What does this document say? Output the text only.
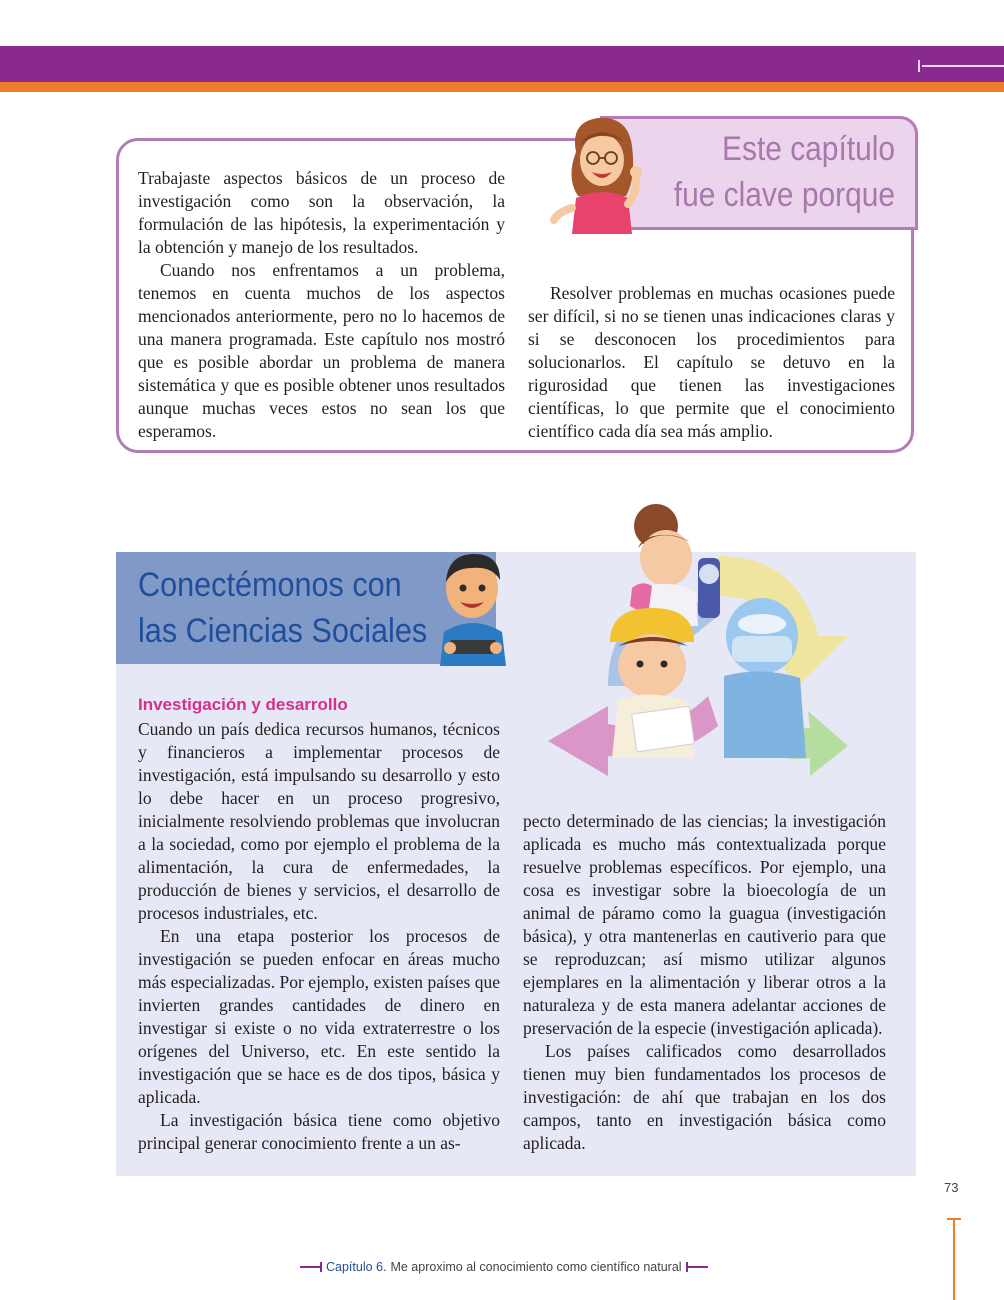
Este capítulo
fue clave porque

Trabajaste aspectos básicos de un proceso de investigación como son la observación, la formulación de las hipótesis, la experimentación y la obtención y manejo de los resultados.

Cuando nos enfrentamos a un problema, tenemos en cuenta muchos de los aspectos mencionados anteriormente, pero no lo hacemos de una manera programada. Este capítulo nos mostró que es posible abordar un problema de manera sistemática y que es posible obtener unos resultados aunque muchas veces estos no sean los que esperamos.

Resolver problemas en muchas ocasiones puede ser difícil, si no se tienen unas indicaciones claras y si se desconocen los procedimientos para solucionarlos. El capítulo se detuvo en la rigurosidad que tienen las investigaciones científicas, lo que permite que el conocimiento científico cada día sea más amplio.

Conectémonos con
las Ciencias Sociales
Investigación y desarrollo

Cuando un país dedica recursos humanos, técnicos y financieros a implementar procesos de investigación, está impulsando su desarrollo y esto lo debe hacer en un proceso progresivo, inicialmente resolviendo problemas que involucran a la sociedad, como por ejemplo el problema de la alimentación, la cura de enfermedades, la producción de bienes y servicios, el desarrollo de procesos industriales, etc.

En una etapa posterior los procesos de investigación se pueden enfocar en áreas mucho más especializadas. Por ejemplo, existen países que invierten grandes cantidades de dinero en investigar si existe o no vida extraterrestre o los orígenes del Universo, etc. En este sentido la investigación que se hace es de dos tipos, básica y aplicada.

La investigación básica tiene como objetivo principal generar conocimiento frente a un as-

pecto determinado de las ciencias; la investigación aplicada es mucho más contextualizada porque resuelve problemas específicos. Por ejemplo, una cosa es investigar sobre la bioecología de un animal de páramo como la guagua (investigación básica), y otra mantenerlas en cautiverio para que se reproduzcan; así mismo utilizar algunos ejemplares en la alimentación y liberar otros a la naturaleza y de esta manera adelantar acciones de preservación de la especie (investigación aplicada).

Los países calificados como desarrollados tienen muy bien fundamentados los procesos de investigación: de ahí que trabajan en los dos campos, tanto en investigación básica como aplicada.

73
Capítulo 6. Me aproximo al conocimiento como científico natural
